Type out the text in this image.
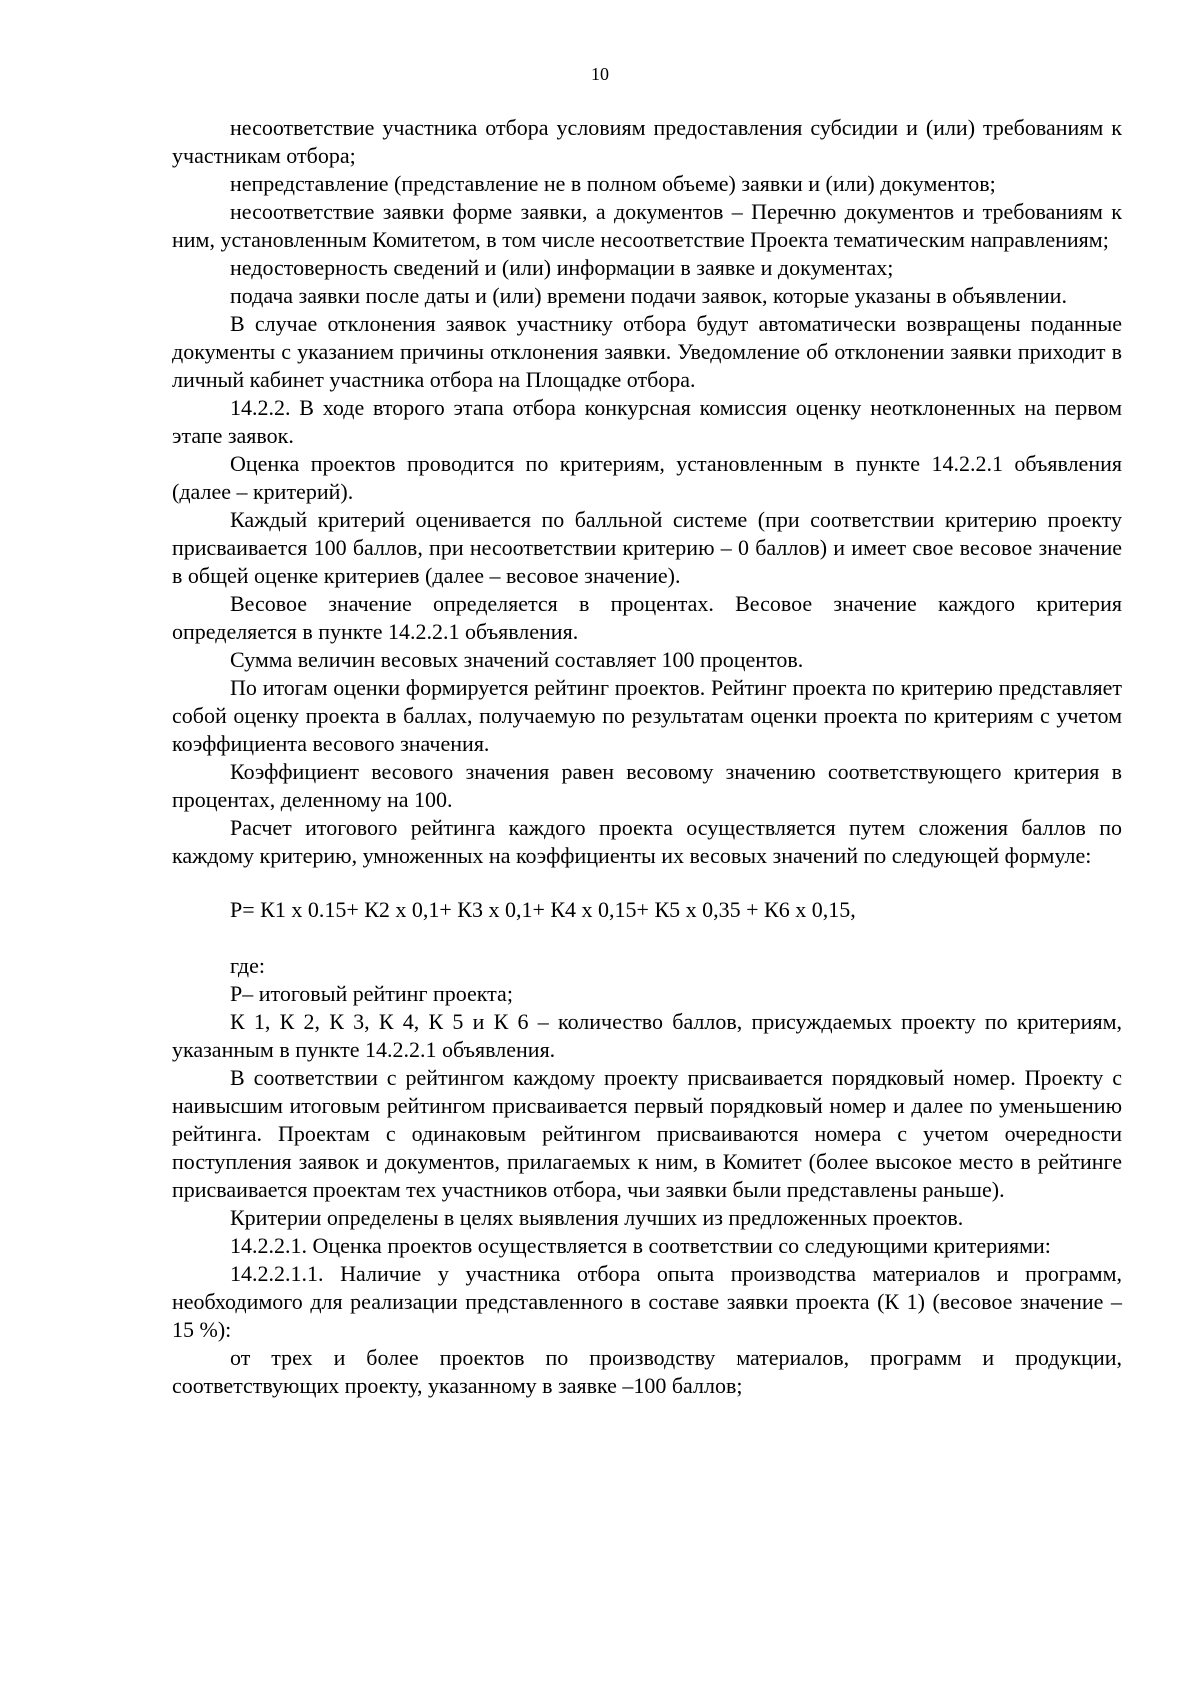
10

несоответствие участника отбора условиям предоставления субсидии и (или) требованиям к участникам отбора;

непредставление (представление не в полном объеме) заявки и (или) документов;

несоответствие заявки форме заявки, а документов – Перечню документов и требованиям к ним, установленным Комитетом, в том числе несоответствие Проекта тематическим направлениям;

недостоверность сведений и (или) информации в заявке и документах;

подача заявки после даты и (или) времени подачи заявок, которые указаны в объявлении.

В случае отклонения заявок участнику отбора будут автоматически возвращены поданные документы с указанием причины отклонения заявки. Уведомление об отклонении заявки приходит в личный кабинет участника отбора на Площадке отбора.

14.2.2. В ходе второго этапа отбора конкурсная комиссия оценку неотклоненных на первом этапе заявок.

Оценка проектов проводится по критериям, установленным в пункте 14.2.2.1 объявления (далее – критерий).

Каждый критерий оценивается по балльной системе (при соответствии критерию проекту присваивается 100 баллов, при несоответствии критерию – 0 баллов) и имеет свое весовое значение в общей оценке критериев (далее – весовое значение).

Весовое значение определяется в процентах. Весовое значение каждого критерия определяется в пункте 14.2.2.1 объявления.

Сумма величин весовых значений составляет 100 процентов.

По итогам оценки формируется рейтинг проектов. Рейтинг проекта по критерию представляет собой оценку проекта в баллах, получаемую по результатам оценки проекта по критериям с учетом коэффициента весового значения.

Коэффициент весового значения равен весовому значению соответствующего критерия в процентах, деленному на 100.

Расчет итогового рейтинга каждого проекта осуществляется путем сложения баллов по каждому критерию, умноженных на коэффициенты их весовых значений по следующей формуле:

P= К1 х 0.15+ К2 х 0,1+ К3 х 0,1+ К4 х 0,15+ К5 х 0,35 + К6 х 0,15,

где:

P– итоговый рейтинг проекта;

К 1, К 2, К 3, К 4, К 5 и К 6 – количество баллов, присуждаемых проекту по критериям, указанным в пункте 14.2.2.1 объявления.

В соответствии с рейтингом каждому проекту присваивается порядковый номер. Проекту с наивысшим итоговым рейтингом присваивается первый порядковый номер и далее по уменьшению рейтинга. Проектам с одинаковым рейтингом присваиваются номера с учетом очередности поступления заявок и документов, прилагаемых к ним, в Комитет (более высокое место в рейтинге присваивается проектам тех участников отбора, чьи заявки были представлены раньше).

Критерии определены в целях выявления лучших из предложенных проектов.

14.2.2.1. Оценка проектов осуществляется в соответствии со следующими критериями:

14.2.2.1.1. Наличие у участника отбора опыта производства материалов и программ, необходимого для реализации представленного в составе заявки проекта (К 1) (весовое значение – 15 %):

от трех и более проектов по производству материалов, программ и продукции, соответствующих проекту, указанному в заявке –100 баллов;
